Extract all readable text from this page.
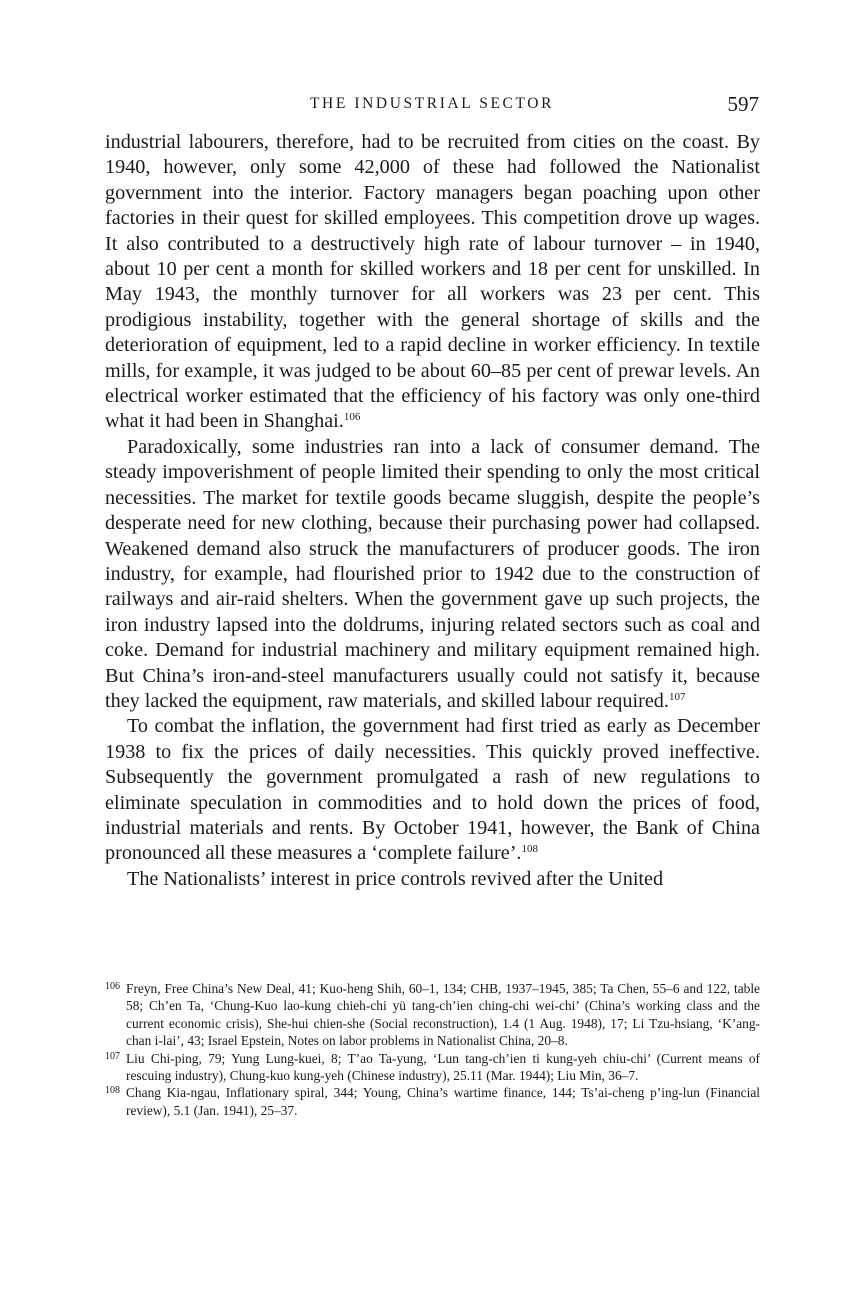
THE INDUSTRIAL SECTOR	597

industrial labourers, therefore, had to be recruited from cities on the coast. By 1940, however, only some 42,000 of these had followed the Nationalist government into the interior. Factory managers began poaching upon other factories in their quest for skilled employees. This competition drove up wages. It also contributed to a destructively high rate of labour turnover – in 1940, about 10 per cent a month for skilled workers and 18 per cent for unskilled. In May 1943, the monthly turnover for all workers was 23 per cent. This prodigious instability, together with the general shortage of skills and the deterioration of equipment, led to a rapid decline in worker efficiency. In textile mills, for example, it was judged to be about 60–85 per cent of prewar levels. An electrical worker estimated that the efficiency of his factory was only one-third what it had been in Shanghai.$^{106}$

Paradoxically, some industries ran into a lack of consumer demand. The steady impoverishment of people limited their spending to only the most critical necessities. The market for textile goods became sluggish, despite the people’s desperate need for new clothing, because their purchasing power had collapsed. Weakened demand also struck the manufacturers of producer goods. The iron industry, for example, had flourished prior to 1942 due to the construction of railways and air-raid shelters. When the government gave up such projects, the iron industry lapsed into the doldrums, injuring related sectors such as coal and coke. Demand for industrial machinery and military equipment remained high. But China’s iron-and-steel manufacturers usually could not satisfy it, because they lacked the equipment, raw materials, and skilled labour required.$^{107}$

To combat the inflation, the government had first tried as early as December 1938 to fix the prices of daily necessities. This quickly proved ineffective. Subsequently the government promulgated a rash of new regulations to eliminate speculation in commodities and to hold down the prices of food, industrial materials and rents. By October 1941, however, the Bank of China pronounced all these measures a ‘complete failure’.$^{108}$

The Nationalists’ interest in price controls revived after the United

106 Freyn, Free China’s New Deal, 41; Kuo-heng Shih, 60–1, 134; CHB, 1937–1945, 385; Ta Chen, 55–6 and 122, table 58; Ch’en Ta, ‘Chung-Kuo lao-kung chieh-chi yü tang-ch’ien ching-chi wei-chi’ (China’s working class and the current economic crisis), She-hui chien-she (Social reconstruction), 1.4 (1 Aug. 1948), 17; Li Tzu-hsiang, ‘K’ang-chan i-lai’, 43; Israel Epstein, Notes on labor problems in Nationalist China, 20–8.
107 Liu Chi-ping, 79; Yung Lung-kuei, 8; T’ao Ta-yung, ‘Lun tang-ch’ien ti kung-yeh chiu-chi’ (Current means of rescuing industry), Chung-kuo kung-yeh (Chinese industry), 25.11 (Mar. 1944); Liu Min, 36–7.
108 Chang Kia-ngau, Inflationary spiral, 344; Young, China’s wartime finance, 144; Ts’ai-cheng p’ing-lun (Financial review), 5.1 (Jan. 1941), 25–37.
